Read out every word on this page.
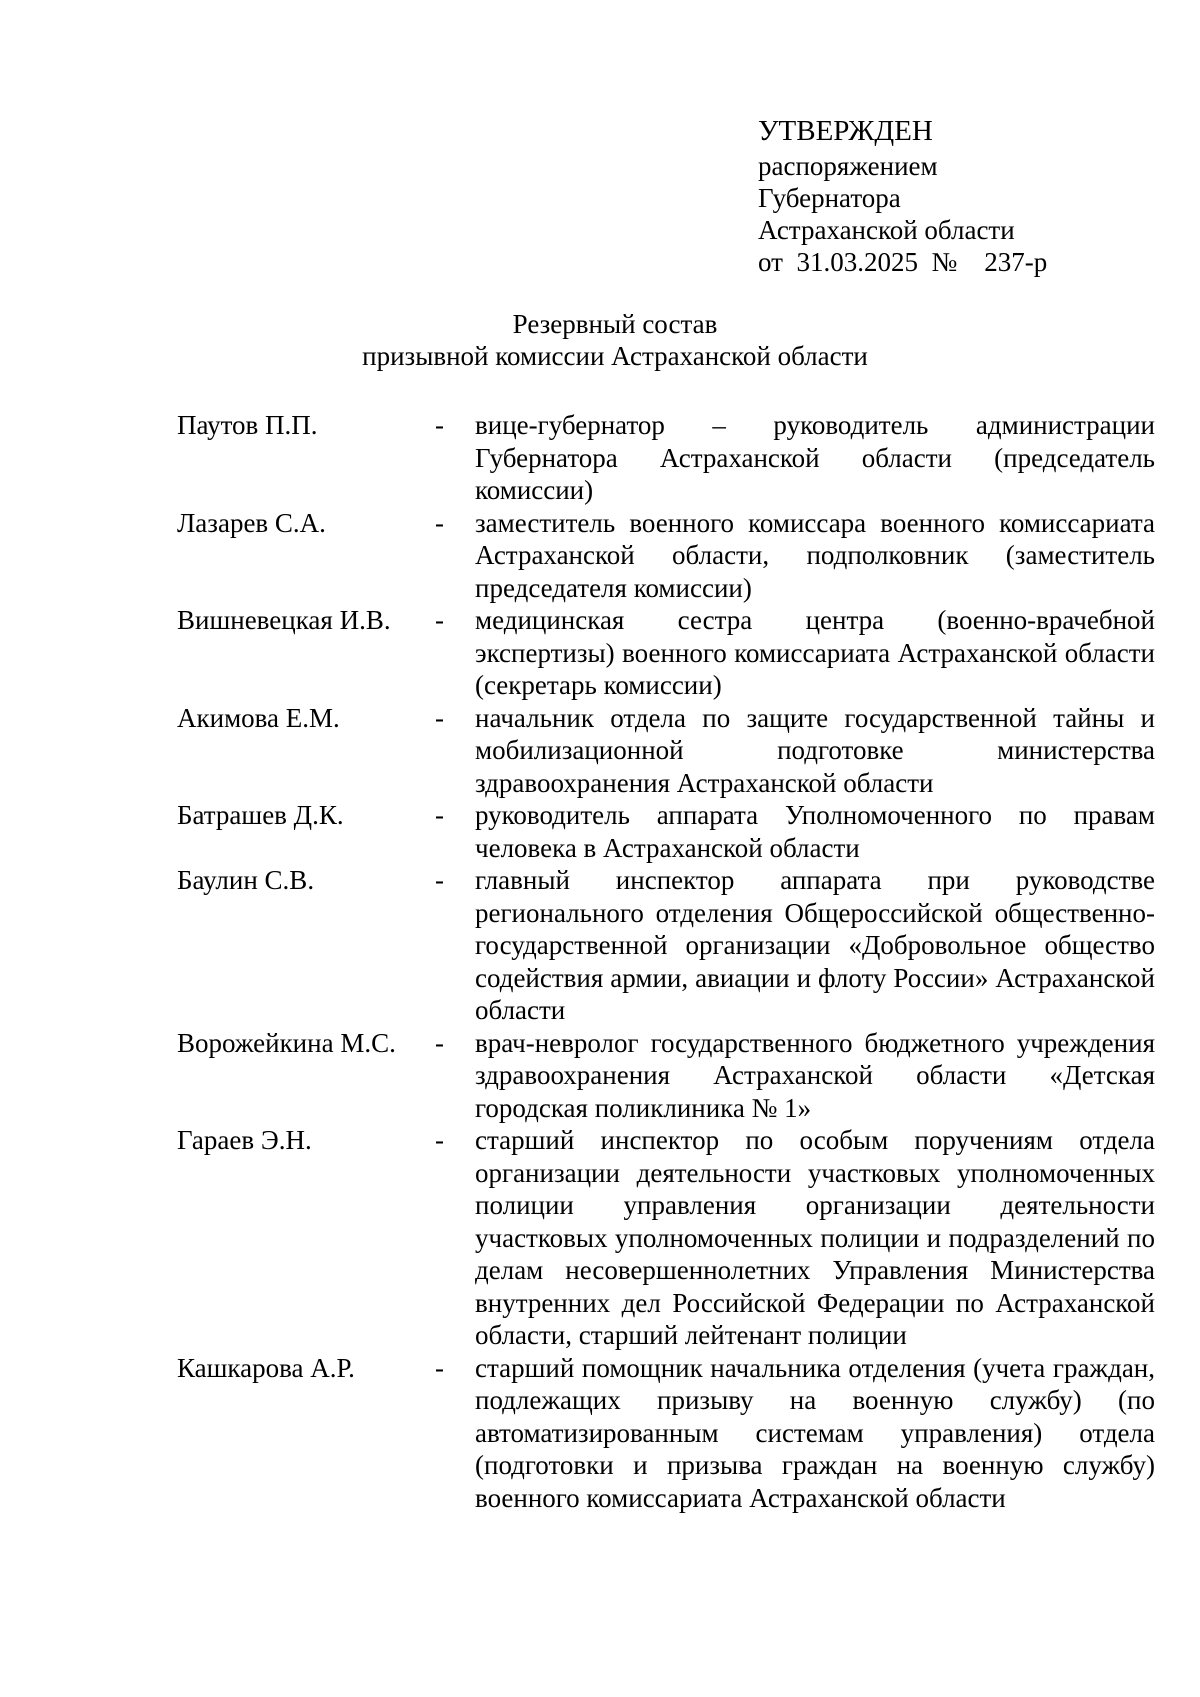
УТВЕРЖДЕН
распоряжением
Губернатора
Астраханской области
от  31.03.2025  №    237-р
Резервный состав
призывной комиссии Астраханской области
Паутов П.П.	-	вице-губернатор – руководитель администрации Губернатора Астраханской области (председатель комиссии)
Лазарев С.А.	-	заместитель военного комиссара военного комиссариата Астраханской области, подполковник (заместитель председателя комиссии)
Вишневецкая И.В.	-	медицинская сестра центра (военно-врачебной экспертизы) военного комиссариата Астраханской области (секретарь комиссии)
Акимова Е.М.	-	начальник отдела по защите государственной тайны и мобилизационной подготовке министерства здравоохранения Астраханской области
Батрашев Д.К.	-	руководитель аппарата Уполномоченного по правам человека в Астраханской области
Баулин С.В.	-	главный инспектор аппарата при руководстве регионального отделения Общероссийской общественно-государственной организации «Добровольное общество содействия армии, авиации и флоту России» Астраханской области
Ворожейкина М.С.	-	врач-невролог государственного бюджетного учреждения здравоохранения Астраханской области «Детская городская поликлиника № 1»
Гараев Э.Н.	-	старший инспектор по особым поручениям отдела организации деятельности участковых уполномоченных полиции управления организации деятельности участковых уполномоченных полиции и подразделений по делам несовершеннолетних Управления Министерства внутренних дел Российской Федерации по Астраханской области, старший лейтенант полиции
Кашкарова А.Р.	-	старший помощник начальника отделения (учета граждан, подлежащих призыву на военную службу) (по автоматизированным системам управления) отдела (подготовки и призыва граждан на военную службу) военного комиссариата Астраханской области
